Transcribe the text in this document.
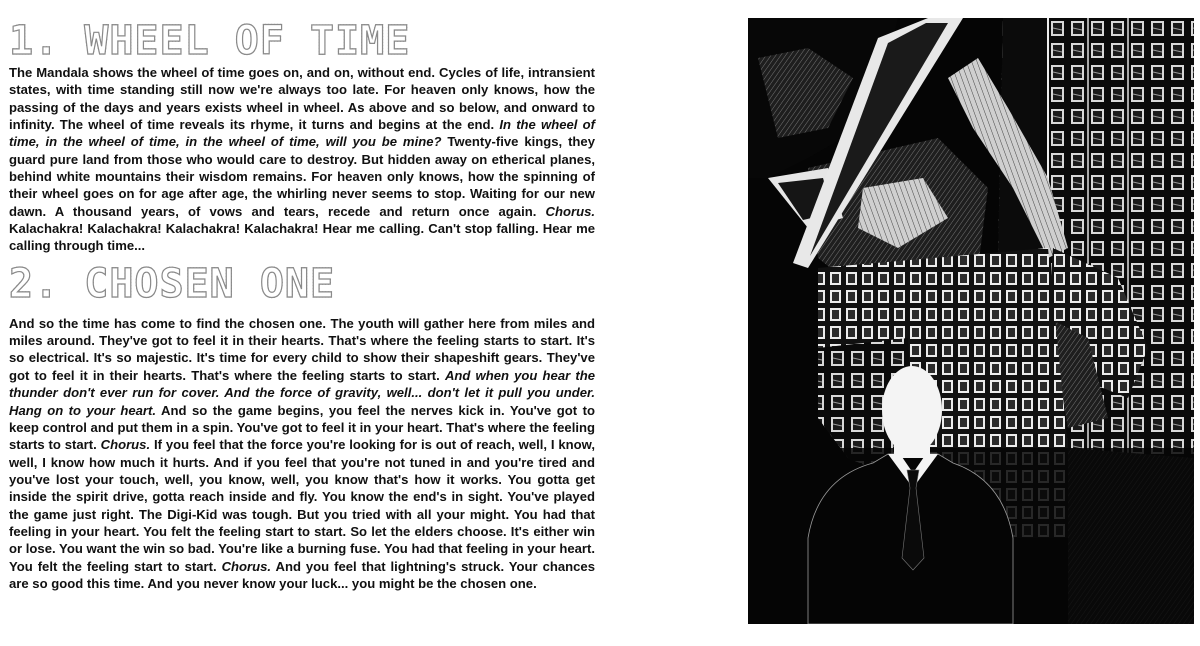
1. WHEEL OF TIME

The Mandala shows the wheel of time goes on, and on, without end. Cycles of life, intransient states, with time standing still now we're always too late. For heaven only knows, how the passing of the days and years exists wheel in wheel. As above and so below, and onward to infinity. The wheel of time reveals its rhyme, it turns and begins at the end. In the wheel of time, in the wheel of time, in the wheel of time, will you be mine? Twenty-five kings, they guard pure land from those who would care to destroy. But hidden away on etherical planes, behind white mountains their wisdom remains. For heaven only knows, how the spinning of their wheel goes on for age after age, the whirling never seems to stop. Waiting for our new dawn. A thousand years, of vows and tears, recede and return once again. Chorus. Kalachakra! Kalachakra! Kalachakra! Kalachakra! Hear me calling. Can't stop falling. Hear me calling through time...

2. CHOSEN ONE

And so the time has come to find the chosen one. The youth will gather here from miles and miles around. They've got to feel it in their hearts. That's where the feeling starts to start. It's so electrical. It's so majestic. It's time for every child to show their shapeshift gears. They've got to feel it in their hearts. That's where the feeling starts to start. And when you hear the thunder don't ever run for cover. And the force of gravity, well... don't let it pull you under. Hang on to your heart. And so the game begins, you feel the nerves kick in. You've got to keep control and put them in a spin. You've got to feel it in your heart. That's where the feeling starts to start. Chorus. If you feel that the force you're looking for is out of reach, well, I know, well, I know how much it hurts. And if you feel that you're not tuned in and you're tired and you've lost your touch, well, you know, well, you know that's how it works. You gotta get inside the spirit drive, gotta reach inside and fly. You know the end's in sight. You've played the game just right. The Digi-Kid was tough. But you tried with all your might. You had that feeling in your heart. You felt the feeling start to start. So let the elders choose. It's either win or lose. You want the win so bad. You're like a burning fuse. You had that feeling in your heart. You felt the feeling start to start. Chorus. And you feel that lightning's struck. Your chances are so good this time. And you never know your luck... you might be the chosen one.
